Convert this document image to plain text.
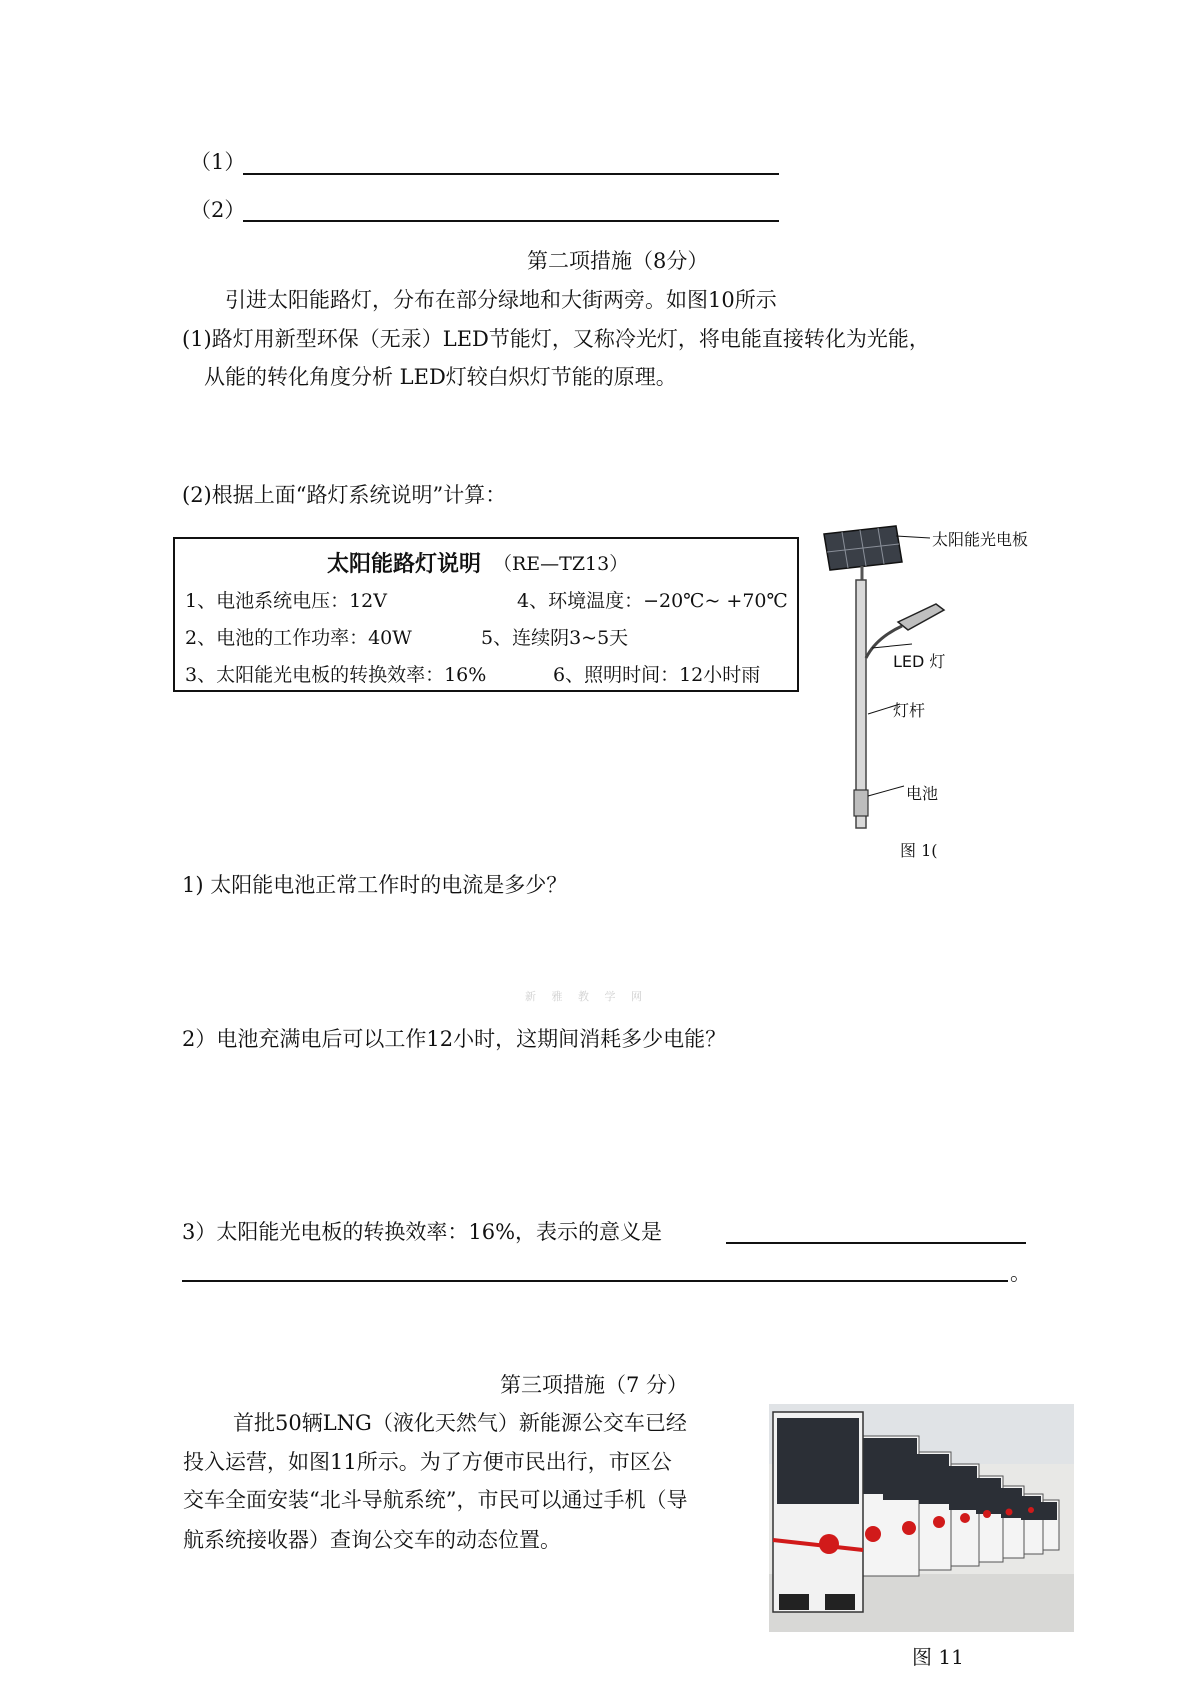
（1）
（2）
第二项措施（8分）
引进太阳能路灯，分布在部分绿地和大街两旁。如图10所示
(1)路灯用新型环保（无汞）LED节能灯，又称冷光灯，将电能直接转化为光能，
从能的转化角度分析 LED灯较白炽灯节能的原理。
(2)根据上面“路灯系统说明”计算：
太阳能路灯说明 （RE—TZ13）
1、电池系统电压：12V	4、环境温度：−20℃~ +70℃
2、电池的工作功率：40W	5、连续阴3~5天
3、太阳能光电板的转换效率：16%	6、照明时间：12小时雨
太阳能光电板
LED 灯
灯杆
电池
图 1(
1) 太阳能电池正常工作时的电流是多少？
新 雅 教 学 网
2）电池充满电后可以工作12小时，这期间消耗多少电能？
3）太阳能光电板的转换效率：16%，表示的意义是
。
第三项措施（7 分）
首批50辆LNG（液化天然气）新能源公交车已经
投入运营，如图11所示。为了方便市民出行，市区公
交车全面安装“北斗导航系统”，市民可以通过手机（导
航系统接收器）查询公交车的动态位置。
图 11
